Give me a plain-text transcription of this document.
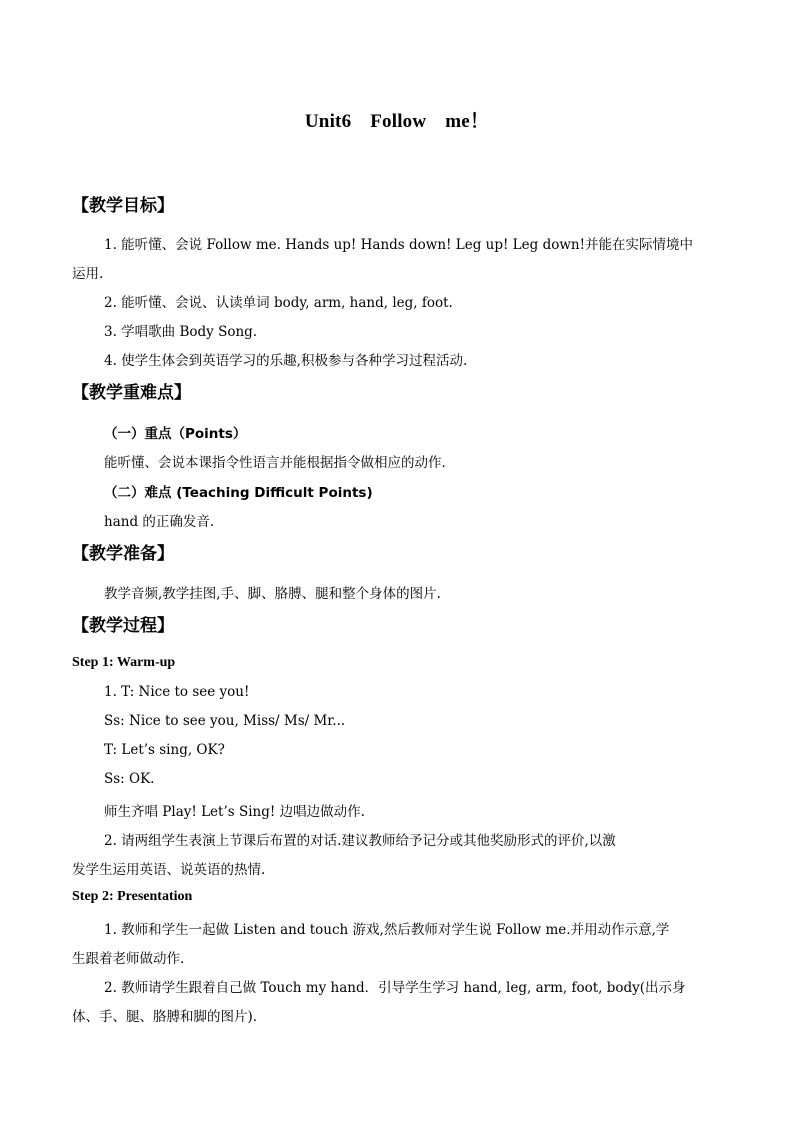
Unit6 Follow me！
【教学目标】
1. 能听懂、会说 Follow me. Hands up! Hands down! Leg up! Leg down!并能在实际情境中
运用.
2. 能听懂、会说、认读单词 body, arm, hand, leg, foot.
3. 学唱歌曲 Body Song.
4. 使学生体会到英语学习的乐趣,积极参与各种学习过程活动.
【教学重难点】
（一）重点（Points）
能听懂、会说本课指令性语言并能根据指令做相应的动作.
（二）难点 (Teaching Difficult Points)
hand 的正确发音.
【教学准备】
教学音频,教学挂图,手、脚、胳膊、腿和整个身体的图片.
【教学过程】
Step 1: Warm-up
1. T: Nice to see you!
Ss: Nice to see you, Miss/ Ms/ Mr...
T: Let’s sing, OK?
Ss: OK.
师生齐唱 Play! Let’s Sing! 边唱边做动作.
2. 请两组学生表演上节课后布置的对话.建议教师给予记分或其他奖励形式的评价,以激
发学生运用英语、说英语的热情.
Step 2: Presentation
1. 教师和学生一起做 Listen and touch 游戏,然后教师对学生说 Follow me.并用动作示意,学
生跟着老师做动作.
2. 教师请学生跟着自己做 Touch my hand．引导学生学习 hand, leg, arm, foot, body(出示身
体、手、腿、胳膊和脚的图片).
